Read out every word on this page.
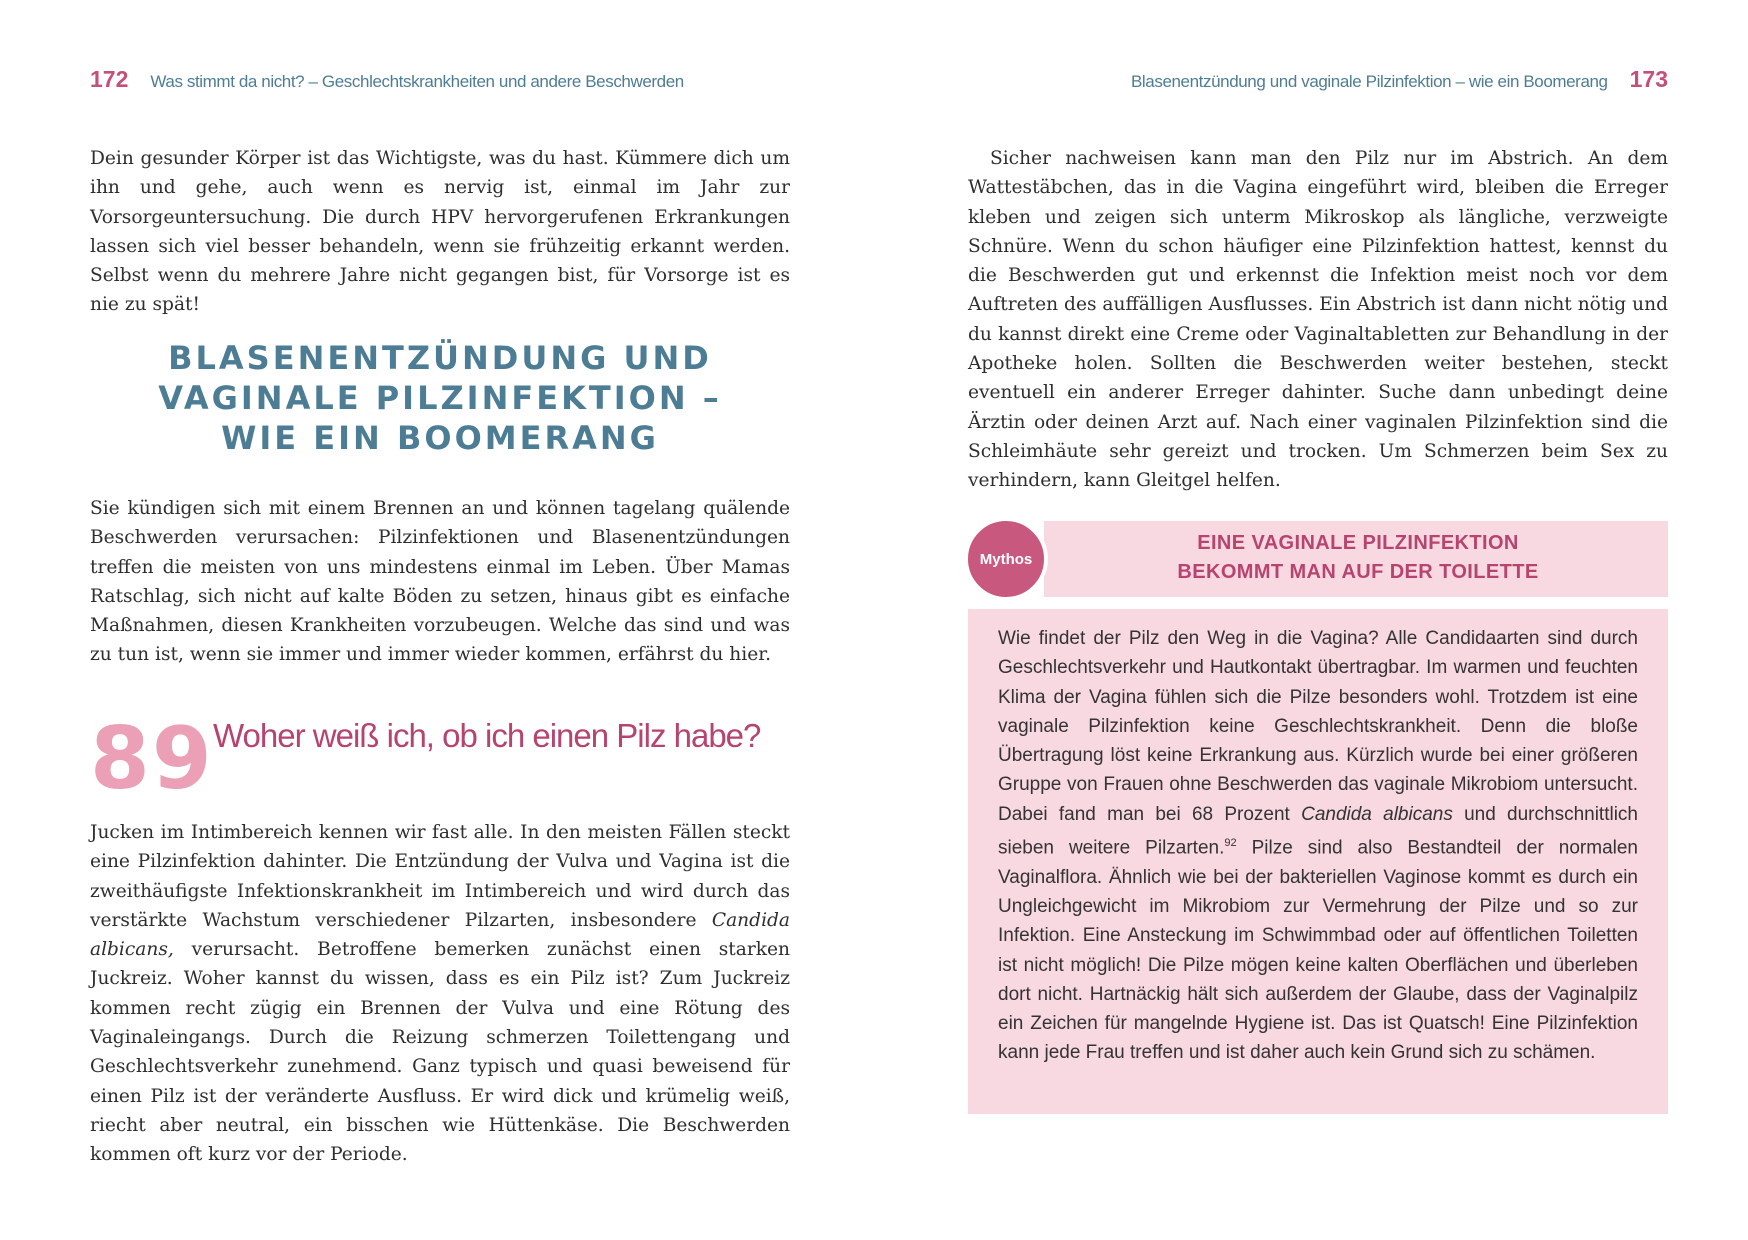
172 Was stimmt da nicht? – Geschlechtskrankheiten und andere Beschwerden

Dein gesunder Körper ist das Wichtigste, was du hast. Kümmere dich um ihn und gehe, auch wenn es nervig ist, einmal im Jahr zur Vorsorgeuntersuchung. Die durch HPV hervorgerufenen Erkrankungen lassen sich viel besser behandeln, wenn sie frühzeitig erkannt werden. Selbst wenn du mehrere Jahre nicht gegangen bist, für Vorsorge ist es nie zu spät!

BLASENENTZÜNDUNG UND
VAGINALE PILZINFEKTION –
WIE EIN BOOMERANG

Sie kündigen sich mit einem Brennen an und können tagelang quälende Beschwerden verursachen: Pilzinfektionen und Blasenentzündungen treffen die meisten von uns mindestens einmal im Leben. Über Mamas Ratschlag, sich nicht auf kalte Böden zu setzen, hinaus gibt es einfache Maßnahmen, diesen Krankheiten vorzubeugen. Welche das sind und was zu tun ist, wenn sie immer und immer wieder kommen, erfährst du hier.

89 Woher weiß ich, ob ich einen Pilz habe?

Jucken im Intimbereich kennen wir fast alle. In den meisten Fällen steckt eine Pilzinfektion dahinter. Die Entzündung der Vulva und Vagina ist die zweithäufigste Infektionskrankheit im Intimbereich und wird durch das verstärkte Wachstum verschiedener Pilzarten, insbesondere Candida albicans, verursacht. Betroffene bemerken zunächst einen starken Juckreiz. Woher kannst du wissen, dass es ein Pilz ist? Zum Juckreiz kommen recht zügig ein Brennen der Vulva und eine Rötung des Vaginaleingangs. Durch die Reizung schmerzen Toilettengang und Geschlechtsverkehr zunehmend. Ganz typisch und quasi beweisend für einen Pilz ist der veränderte Ausfluss. Er wird dick und krümelig weiß, riecht aber neutral, ein bisschen wie Hüttenkäse. Die Beschwerden kommen oft kurz vor der Periode.

Blasenentzündung und vaginale Pilzinfektion – wie ein Boomerang 173

Sicher nachweisen kann man den Pilz nur im Abstrich. An dem Wattestäbchen, das in die Vagina eingeführt wird, bleiben die Erreger kleben und zeigen sich unterm Mikroskop als längliche, verzweigte Schnüre. Wenn du schon häufiger eine Pilzinfektion hattest, kennst du die Beschwerden gut und erkennst die Infektion meist noch vor dem Auftreten des auffälligen Ausflusses. Ein Abstrich ist dann nicht nötig und du kannst direkt eine Creme oder Vaginaltabletten zur Behandlung in der Apotheke holen. Sollten die Beschwerden weiter bestehen, steckt eventuell ein anderer Erreger dahinter. Suche dann unbedingt deine Ärztin oder deinen Arzt auf. Nach einer vaginalen Pilzinfektion sind die Schleimhäute sehr gereizt und trocken. Um Schmerzen beim Sex zu verhindern, kann Gleitgel helfen.

Mythos
EINE VAGINALE PILZINFEKTION
BEKOMMT MAN AUF DER TOILETTE

Wie findet der Pilz den Weg in die Vagina? Alle Candidaarten sind durch Geschlechtsverkehr und Hautkontakt übertragbar. Im warmen und feuchten Klima der Vagina fühlen sich die Pilze besonders wohl. Trotzdem ist eine vaginale Pilzinfektion keine Geschlechtskrankheit. Denn die bloße Übertragung löst keine Erkrankung aus. Kürzlich wurde bei einer größeren Gruppe von Frauen ohne Beschwerden das vaginale Mikrobiom untersucht. Dabei fand man bei 68 Prozent Candida albicans und durchschnittlich sieben weitere Pilzarten.$^{92}$ Pilze sind also Bestandteil der normalen Vaginalflora. Ähnlich wie bei der bakteriellen Vaginose kommt es durch ein Ungleichgewicht im Mikrobiom zur Vermehrung der Pilze und so zur Infektion. Eine Ansteckung im Schwimmbad oder auf öffentlichen Toiletten ist nicht möglich! Die Pilze mögen keine kalten Oberflächen und überleben dort nicht. Hartnäckig hält sich außerdem der Glaube, dass der Vaginalpilz ein Zeichen für mangelnde Hygiene ist. Das ist Quatsch! Eine Pilzinfektion kann jede Frau treffen und ist daher auch kein Grund sich zu schämen.
